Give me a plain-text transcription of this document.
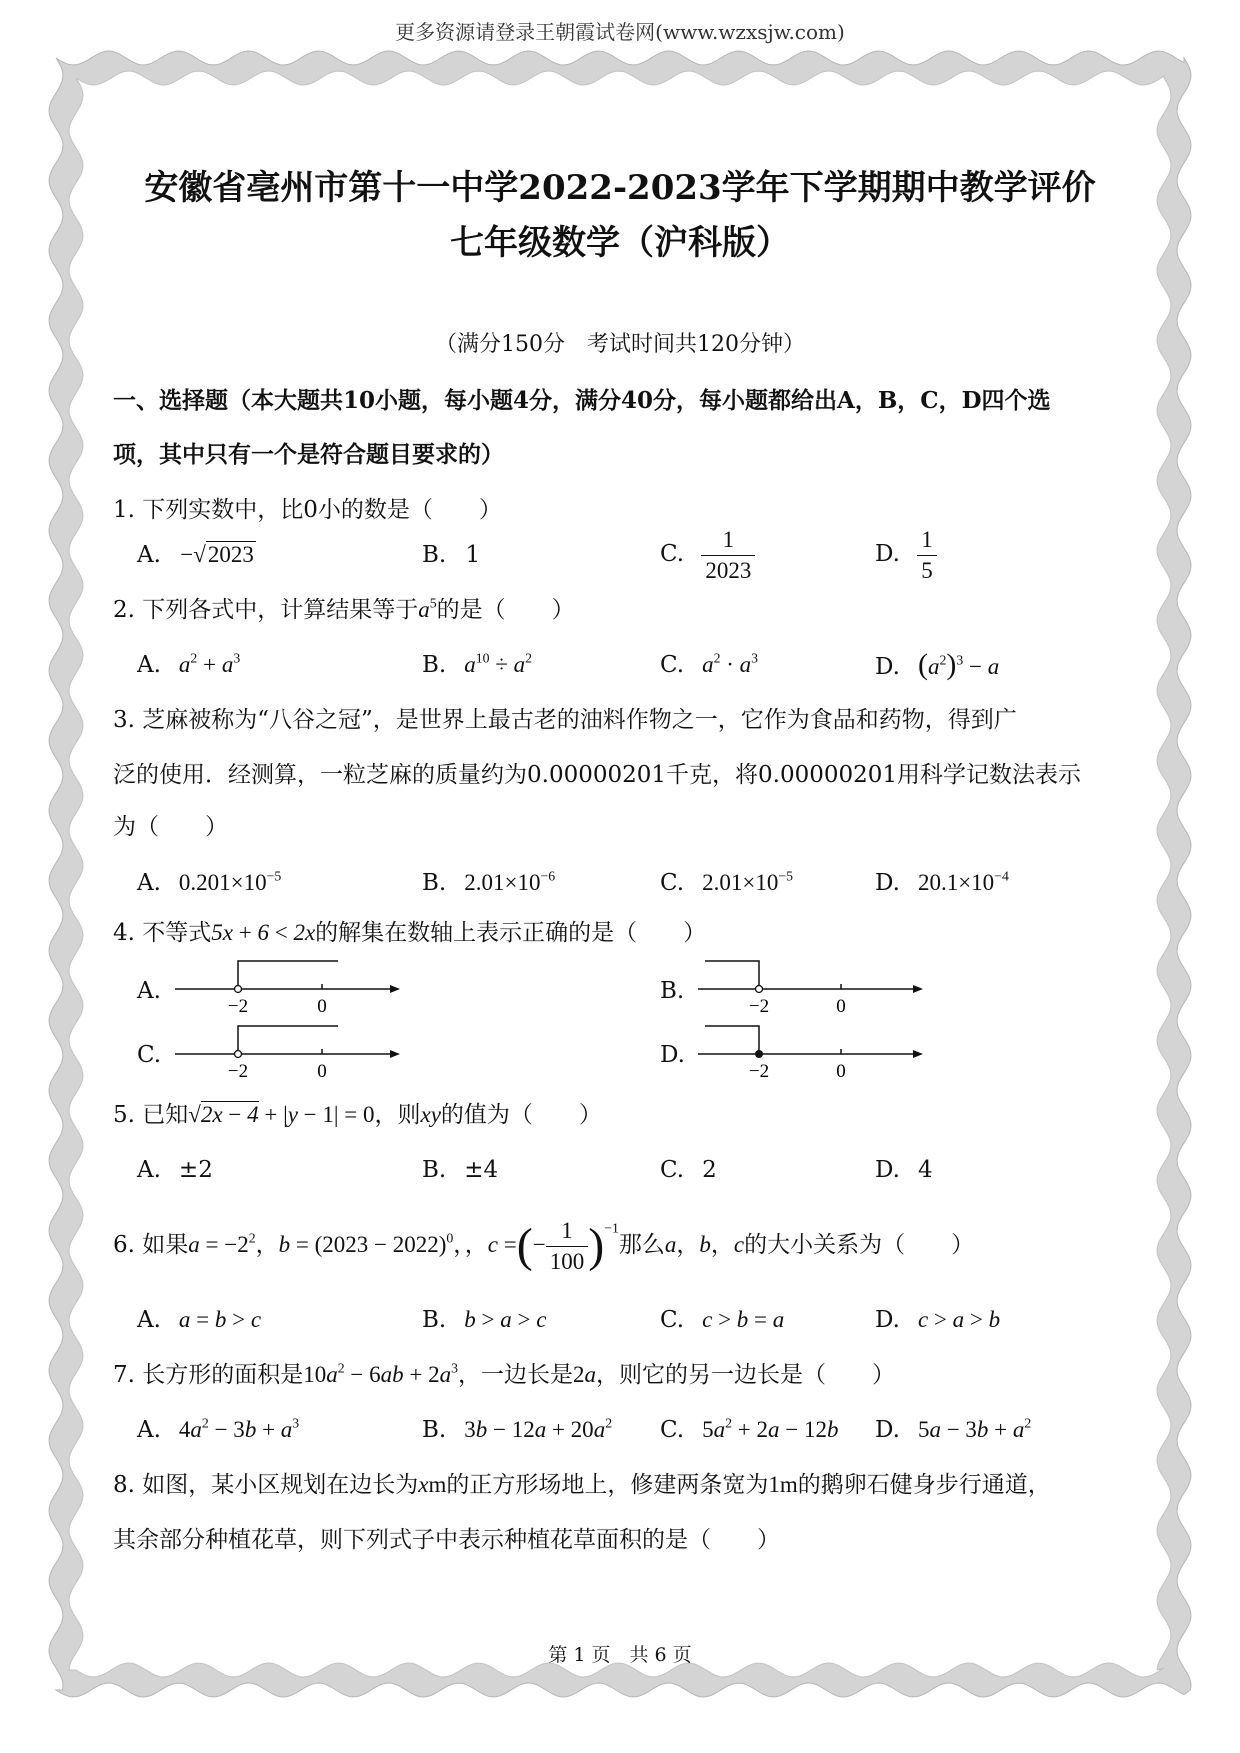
更多资源请登录王朝霞试卷网(www.wzxsjw.com)
安徽省亳州市第十一中学2022-2023学年下学期期中教学评价
七年级数学（沪科版）
（满分150分　考试时间共120分钟）
一、选择题（本大题共10小题，每小题4分，满分40分，每小题都给出A，B，C，D四个选
项，其中只有一个是符合题目要求的）
1. 下列实数中，比0小的数是（　　）
A. −√2023	B. 1	C. $\frac{1}{2023}$	D. $\frac{1}{5}$
2. 下列各式中，计算结果等于$a^5$的是（　　）
A. $a^2 + a^3$	B. $a^{10} \div a^2$	C. $a^2 \cdot a^3$	D. $(a^2)^3 - a$
3. 芝麻被称为“八谷之冠”，是世界上最古老的油料作物之一，它作为食品和药物，得到广
泛的使用．经测算，一粒芝麻的质量约为0.00000201千克，将0.00000201用科学记数法表示
为（　　）
A. $0.201\times 10^{-5}$	B. $2.01\times 10^{-6}$	C. $2.01\times 10^{-5}$	D. $20.1\times 10^{-4}$
4. 不等式5x + 6 < 2x的解集在数轴上表示正确的是（　　）
A.	B.
C.	D.
−2	0	−2	0
−2	0	−2	0
5. 已知√2x − 4 + |y − 1| = 0，则xy的值为（　　）
A. ±2	B. ±4	C. 2	D. 4
6. 如果$a = -2^2$，$b = (2023 - 2022)^0$，，c =(− $\frac{1}{100} )^{-1}$那么a，b，c的大小关系为（　　）
A. a = b > c	B. b > a > c	C. c > b = a	D. c > a > b
7. 长方形的面积是$10a^2 - 6ab + 2a^3$，一边长是2a，则它的另一边长是（　　）
A. $4a^2 - 3b + a^3$	B. $3b - 12a + 20a^2$ C. $5a^2 + 2a - 12b$ D. $5a - 3b + a^2$
8. 如图，某小区规划在边长为xm的正方形场地上，修建两条宽为1m的鹅卵石健身步行通道，
其余部分种植花草，则下列式子中表示种植花草面积的是（　　）
第 1 页　共 6 页
